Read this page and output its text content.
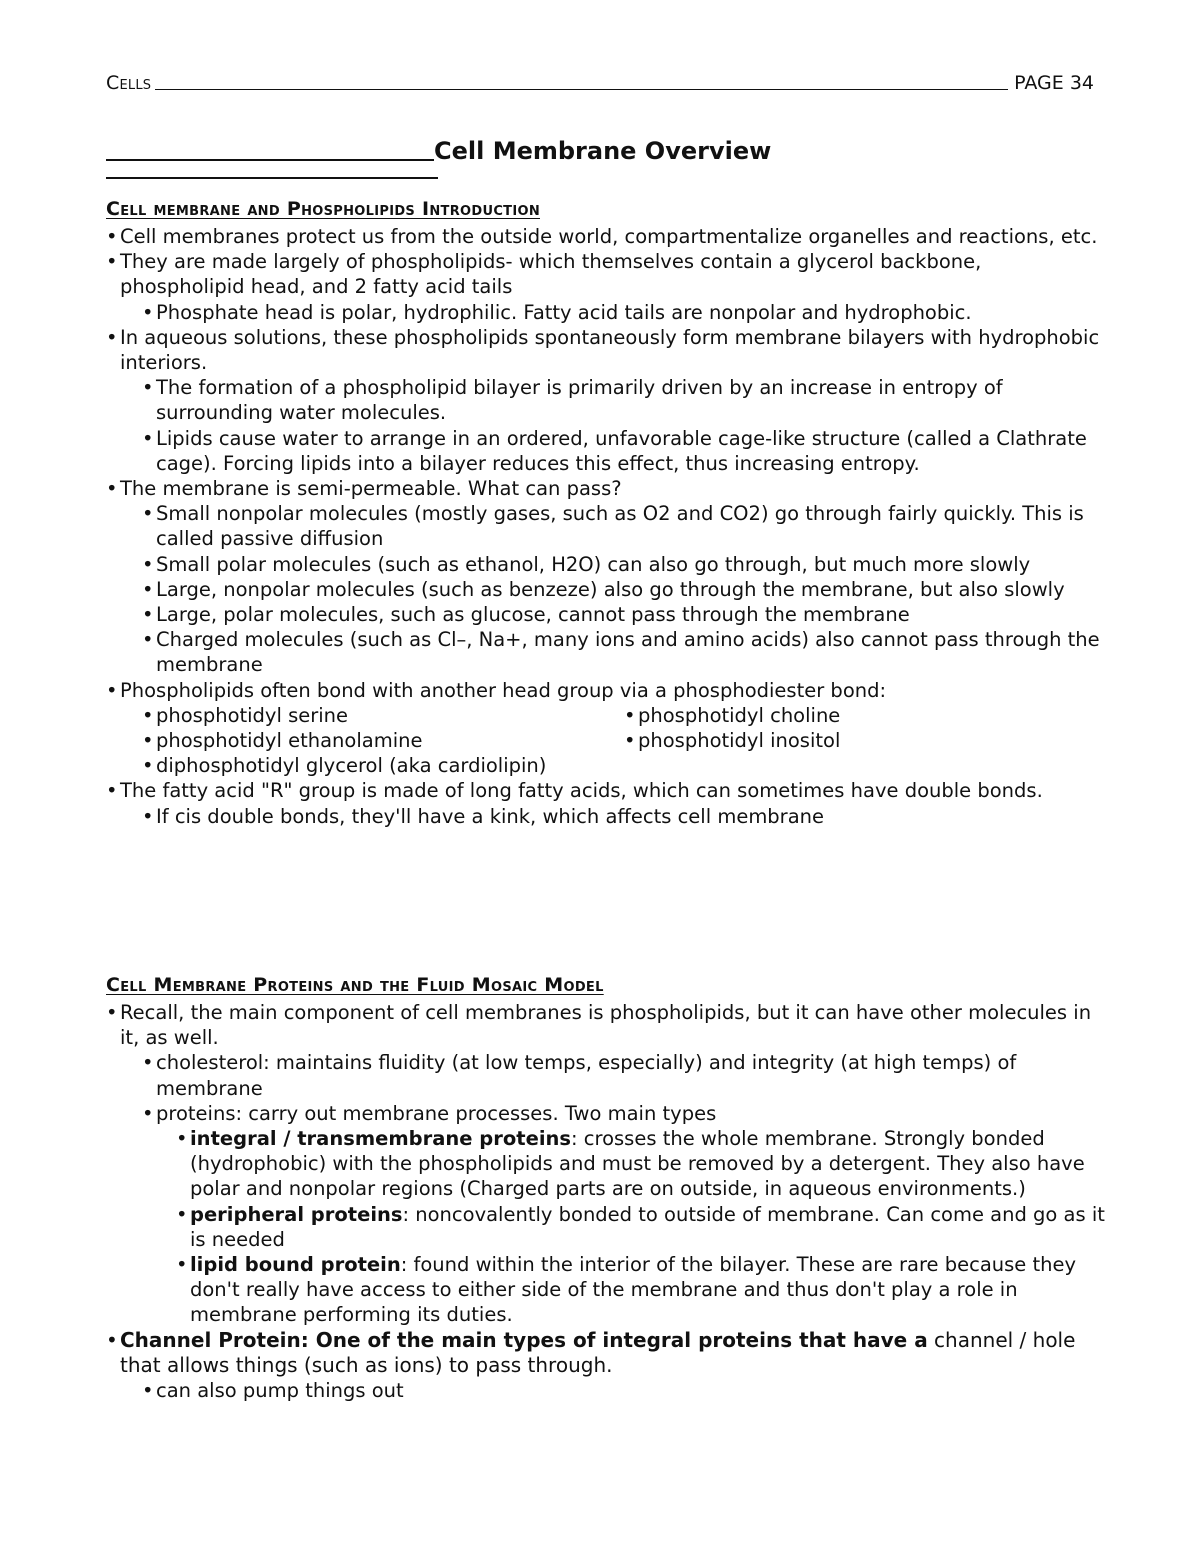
Cells	PAGE 34
Cell Membrane Overview
Cell membrane and Phospholipids Introduction
• Cell membranes protect us from the outside world, compartmentalize organelles and reactions, etc.
• They are made largely of phospholipids- which themselves contain a glycerol backbone, phospholipid head, and 2 fatty acid tails
• Phosphate head is polar, hydrophilic. Fatty acid tails are nonpolar and hydrophobic.
• In aqueous solutions, these phospholipids spontaneously form membrane bilayers with hydrophobic interiors.
• The formation of a phospholipid bilayer is primarily driven by an increase in entropy of surrounding water molecules.
• Lipids cause water to arrange in an ordered, unfavorable cage-like structure (called a Clathrate cage). Forcing lipids into a bilayer reduces this effect, thus increasing entropy.
• The membrane is semi-permeable. What can pass?
• Small nonpolar molecules (mostly gases, such as O2 and CO2) go through fairly quickly. This is called passive diffusion
• Small polar molecules (such as ethanol, H2O) can also go through, but much more slowly
• Large, nonpolar molecules (such as benzeze) also go through the membrane, but also slowly
• Large, polar molecules, such as glucose, cannot pass through the membrane
• Charged molecules (such as Cl–, Na+, many ions and amino acids) also cannot pass through the membrane
• Phospholipids often bond with another head group via a phosphodiester bond:
• phosphotidyl serine	• phosphotidyl choline
• phosphotidyl ethanolamine	• phosphotidyl inositol
• diphosphotidyl glycerol (aka cardiolipin)
• The fatty acid "R" group is made of long fatty acids, which can sometimes have double bonds.
• If cis double bonds, they'll have a kink, which affects cell membrane
Cell Membrane Proteins and the Fluid Mosaic Model
• Recall, the main component of cell membranes is phospholipids, but it can have other molecules in it, as well.
• cholesterol: maintains fluidity (at low temps, especially) and integrity (at high temps) of membrane
• proteins: carry out membrane processes. Two main types
• integral / transmembrane proteins: crosses the whole membrane. Strongly bonded (hydrophobic) with the phospholipids and must be removed by a detergent. They also have polar and nonpolar regions (Charged parts are on outside, in aqueous environments.)
• peripheral proteins: noncovalently bonded to outside of membrane. Can come and go as it is needed
• lipid bound protein: found within the interior of the bilayer. These are rare because they don't really have access to either side of the membrane and thus don't play a role in membrane performing its duties.
• Channel Protein: One of the main types of integral proteins that have a channel / hole that allows things (such as ions) to pass through.
• can also pump things out
